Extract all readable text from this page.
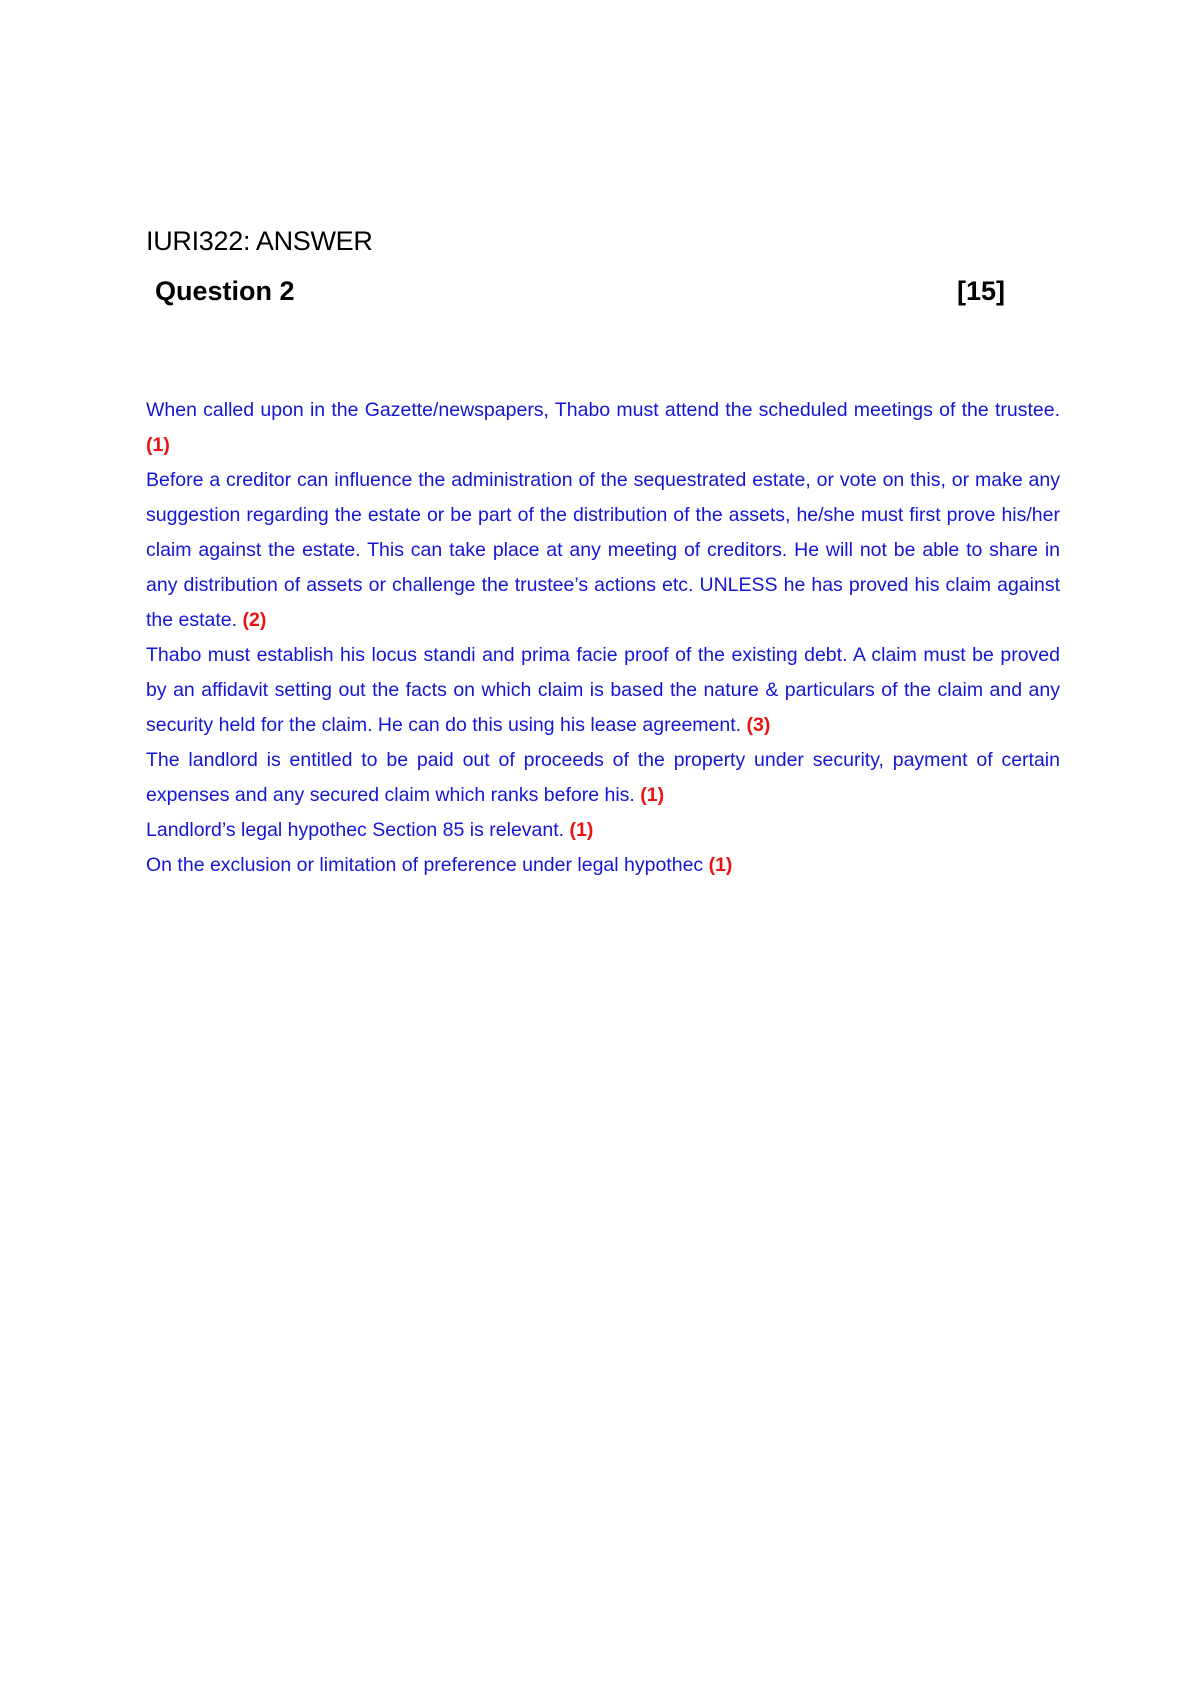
IURI322: ANSWER
Question 2	[15]

When called upon in the Gazette/newspapers, Thabo must attend the scheduled meetings of the trustee. (1)

Before a creditor can influence the administration of the sequestrated estate, or vote on this, or make any suggestion regarding the estate or be part of the distribution of the assets, he/she must first prove his/her claim against the estate. This can take place at any meeting of creditors. He will not be able to share in any distribution of assets or challenge the trustee’s actions etc. UNLESS he has proved his claim against the estate. (2)

Thabo must establish his locus standi and prima facie proof of the existing debt. A claim must be proved by an affidavit setting out the facts on which claim is based the nature & particulars of the claim and any security held for the claim. He can do this using his lease agreement. (3)

The landlord is entitled to be paid out of proceeds of the property under security, payment of certain expenses and any secured claim which ranks before his. (1)

Landlord’s legal hypothec Section 85 is relevant. (1)

On the exclusion or limitation of preference under legal hypothec (1)
